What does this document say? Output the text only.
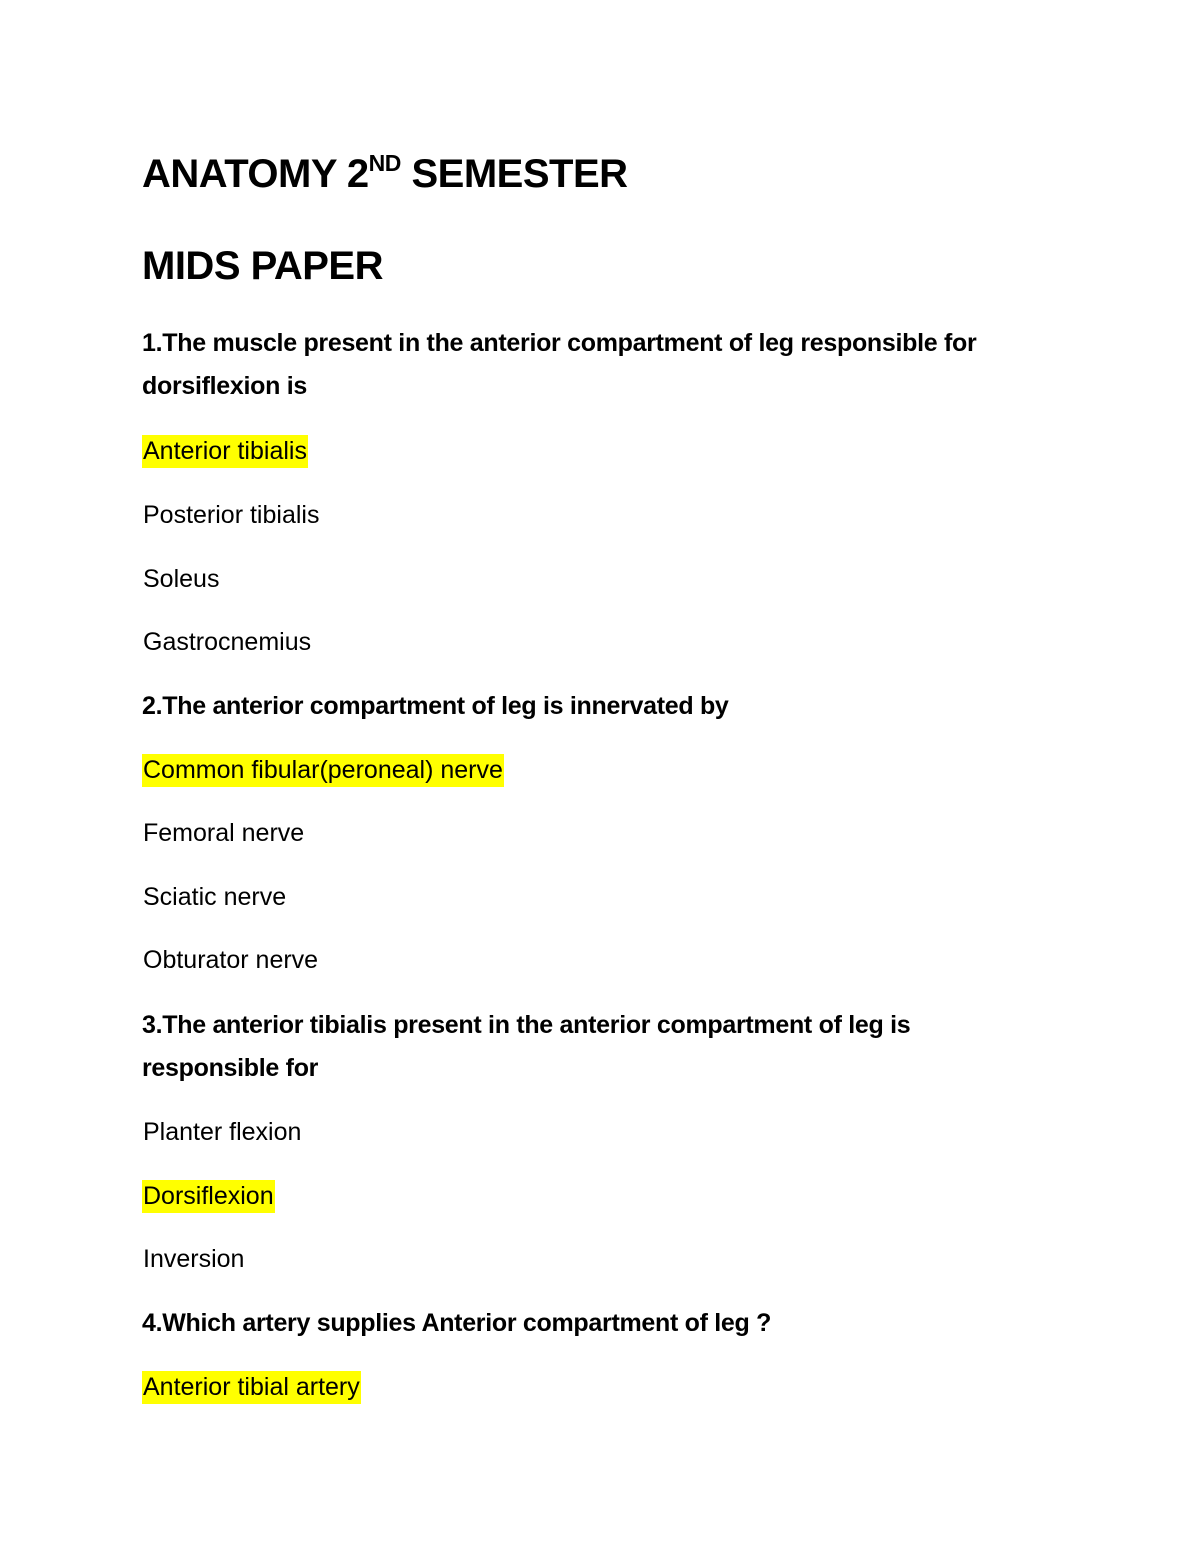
ANATOMY 2ND SEMESTER
MIDS PAPER
1.The muscle present in the anterior compartment of leg responsible for dorsiflexion is
Anterior tibialis
Posterior tibialis
Soleus
Gastrocnemius
2.The anterior compartment of leg is innervated by
Common fibular(peroneal) nerve
Femoral nerve
Sciatic nerve
Obturator nerve
3.The anterior tibialis present in the anterior compartment of leg is responsible for
Planter flexion
Dorsiflexion
Inversion
4.Which artery supplies Anterior compartment of leg ?
Anterior tibial artery
